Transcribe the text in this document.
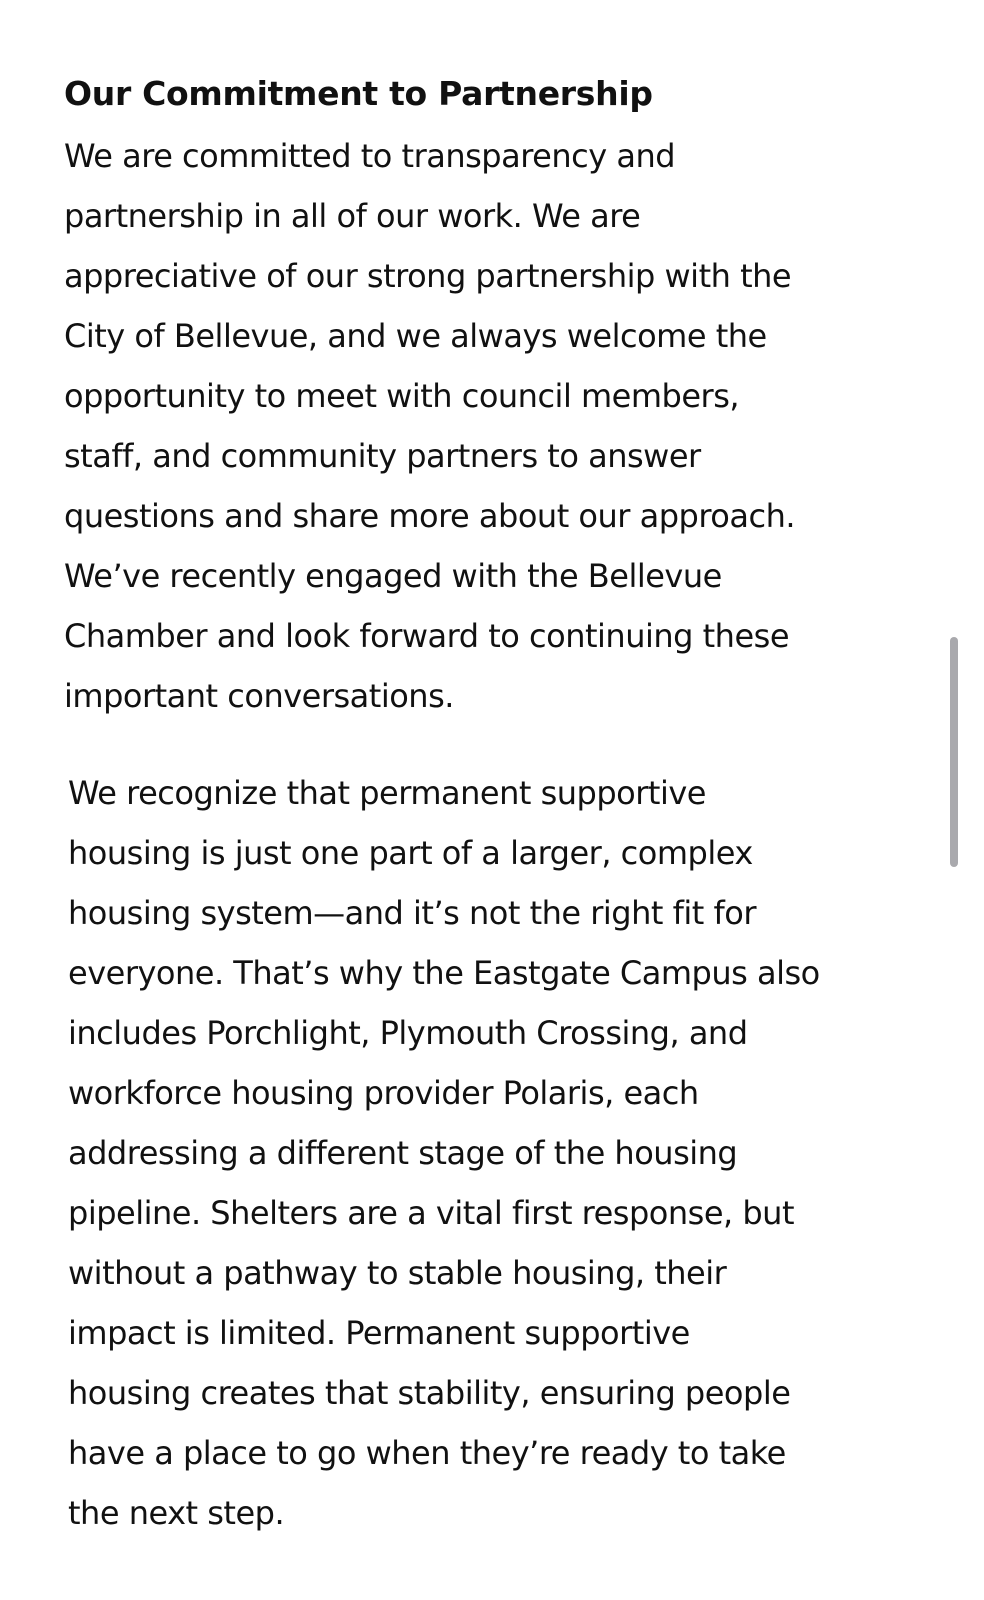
Our Commitment to Partnership

We are committed to transparency and
partnership in all of our work. We are
appreciative of our strong partnership with the
City of Bellevue, and we always welcome the
opportunity to meet with council members,
staff, and community partners to answer
questions and share more about our approach.
We’ve recently engaged with the Bellevue
Chamber and look forward to continuing these
important conversations.

We recognize that permanent supportive
housing is just one part of a larger, complex
housing system—and it’s not the right fit for
everyone. That’s why the Eastgate Campus also
includes Porchlight, Plymouth Crossing, and
workforce housing provider Polaris, each
addressing a different stage of the housing
pipeline. Shelters are a vital first response, but
without a pathway to stable housing, their
impact is limited. Permanent supportive
housing creates that stability, ensuring people
have a place to go when they’re ready to take
the next step.
